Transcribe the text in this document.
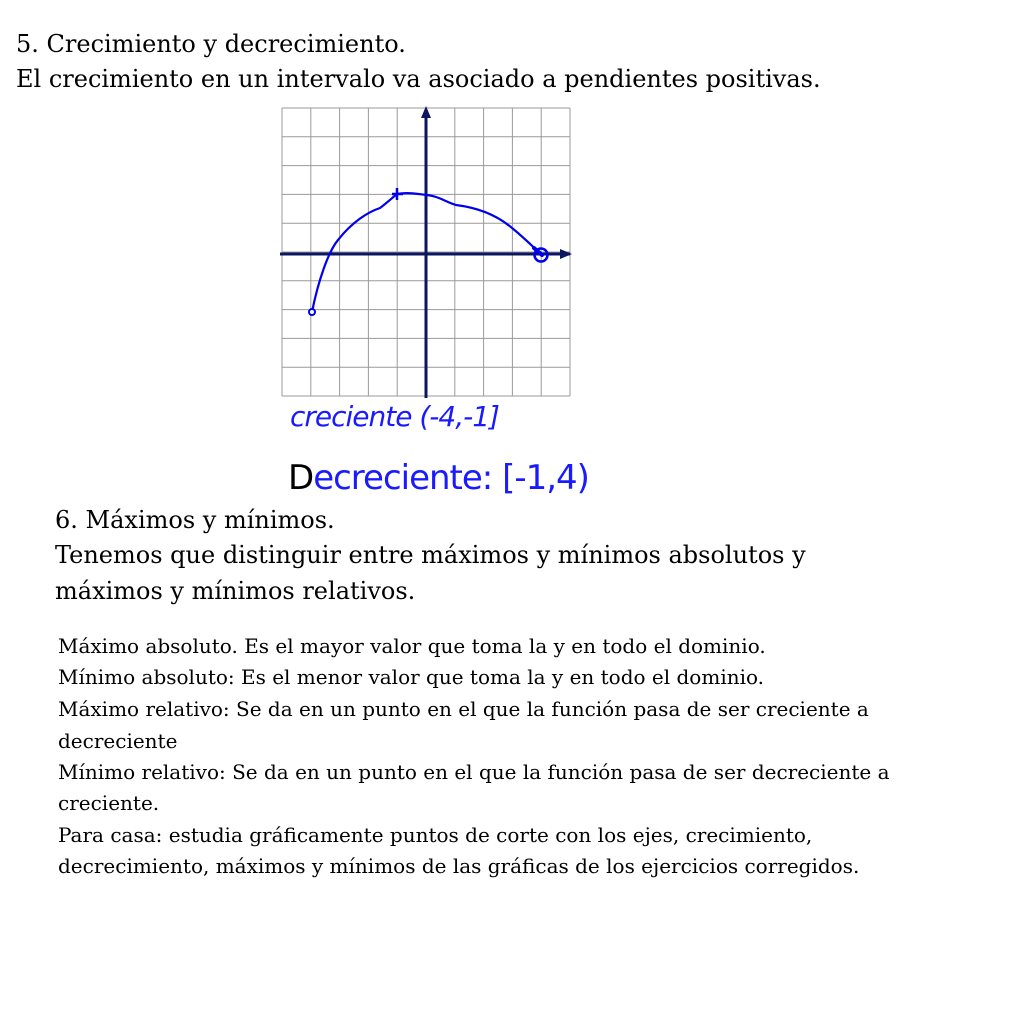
5. Crecimiento y decrecimiento.
El crecimiento en un intervalo va asociado a pendientes positivas.
creciente (-4,-1]
Decreciente: [-1,4)
6. Máximos y mínimos.
Tenemos que distinguir entre máximos y mínimos absolutos y
máximos y mínimos relativos.
Máximo absoluto. Es el mayor valor que toma la y en todo el dominio.
Mínimo absoluto: Es el menor valor que toma la y en todo el dominio.
Máximo relativo: Se da en un punto en el que la función pasa de ser creciente a
decreciente
Mínimo relativo: Se da en un punto en el que la función pasa de ser decreciente a
creciente.
Para casa: estudia gráficamente puntos de corte con los ejes, crecimiento,
decrecimiento, máximos y mínimos de las gráficas de los ejercicios corregidos.
